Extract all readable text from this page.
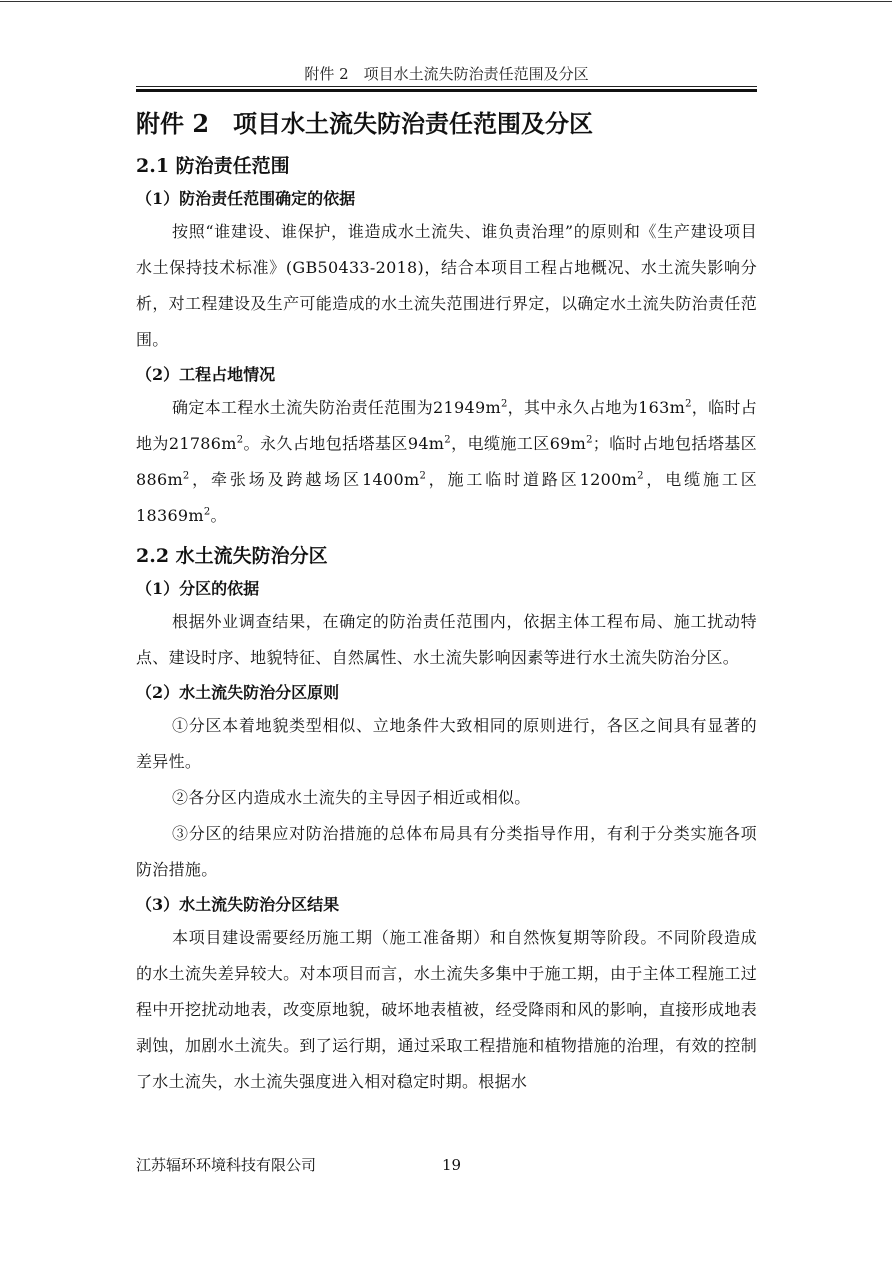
附件 2　项目水土流失防治责任范围及分区
附件 2　项目水土流失防治责任范围及分区
2.1 防治责任范围
（1）防治责任范围确定的依据

按照“谁建设、谁保护，谁造成水土流失、谁负责治理”的原则和《生产建设项目水土保持技术标准》(GB50433-2018)，结合本项目工程占地概况、水土流失影响分析，对工程建设及生产可能造成的水土流失范围进行界定，以确定水土流失防治责任范围。

（2）工程占地情况

确定本工程水土流失防治责任范围为$21949m^2$，其中永久占地为$163m^2$，临时占地为$21786m^2$。永久占地包括塔基区$94m^2$，电缆施工区$69m^2$；临时占地包括塔基区$886m^2$，牵张场及跨越场区$1400m^2$，施工临时道路区$1200m^2$，电缆施工区$18369m^2$。

2.2 水土流失防治分区
（1）分区的依据

根据外业调查结果，在确定的防治责任范围内，依据主体工程布局、施工扰动特点、建设时序、地貌特征、自然属性、水土流失影响因素等进行水土流失防治分区。

（2）水土流失防治分区原则

①分区本着地貌类型相似、立地条件大致相同的原则进行，各区之间具有显著的差异性。

②各分区内造成水土流失的主导因子相近或相似。

③分区的结果应对防治措施的总体布局具有分类指导作用，有利于分类实施各项防治措施。

（3）水土流失防治分区结果

本项目建设需要经历施工期（施工准备期）和自然恢复期等阶段。不同阶段造成的水土流失差异较大。对本项目而言，水土流失多集中于施工期，由于主体工程施工过程中开挖扰动地表，改变原地貌，破坏地表植被，经受降雨和风的影响，直接形成地表剥蚀，加剧水土流失。到了运行期，通过采取工程措施和植物措施的治理，有效的控制了水土流失，水土流失强度进入相对稳定时期。根据水

江苏辐环环境科技有限公司	19
